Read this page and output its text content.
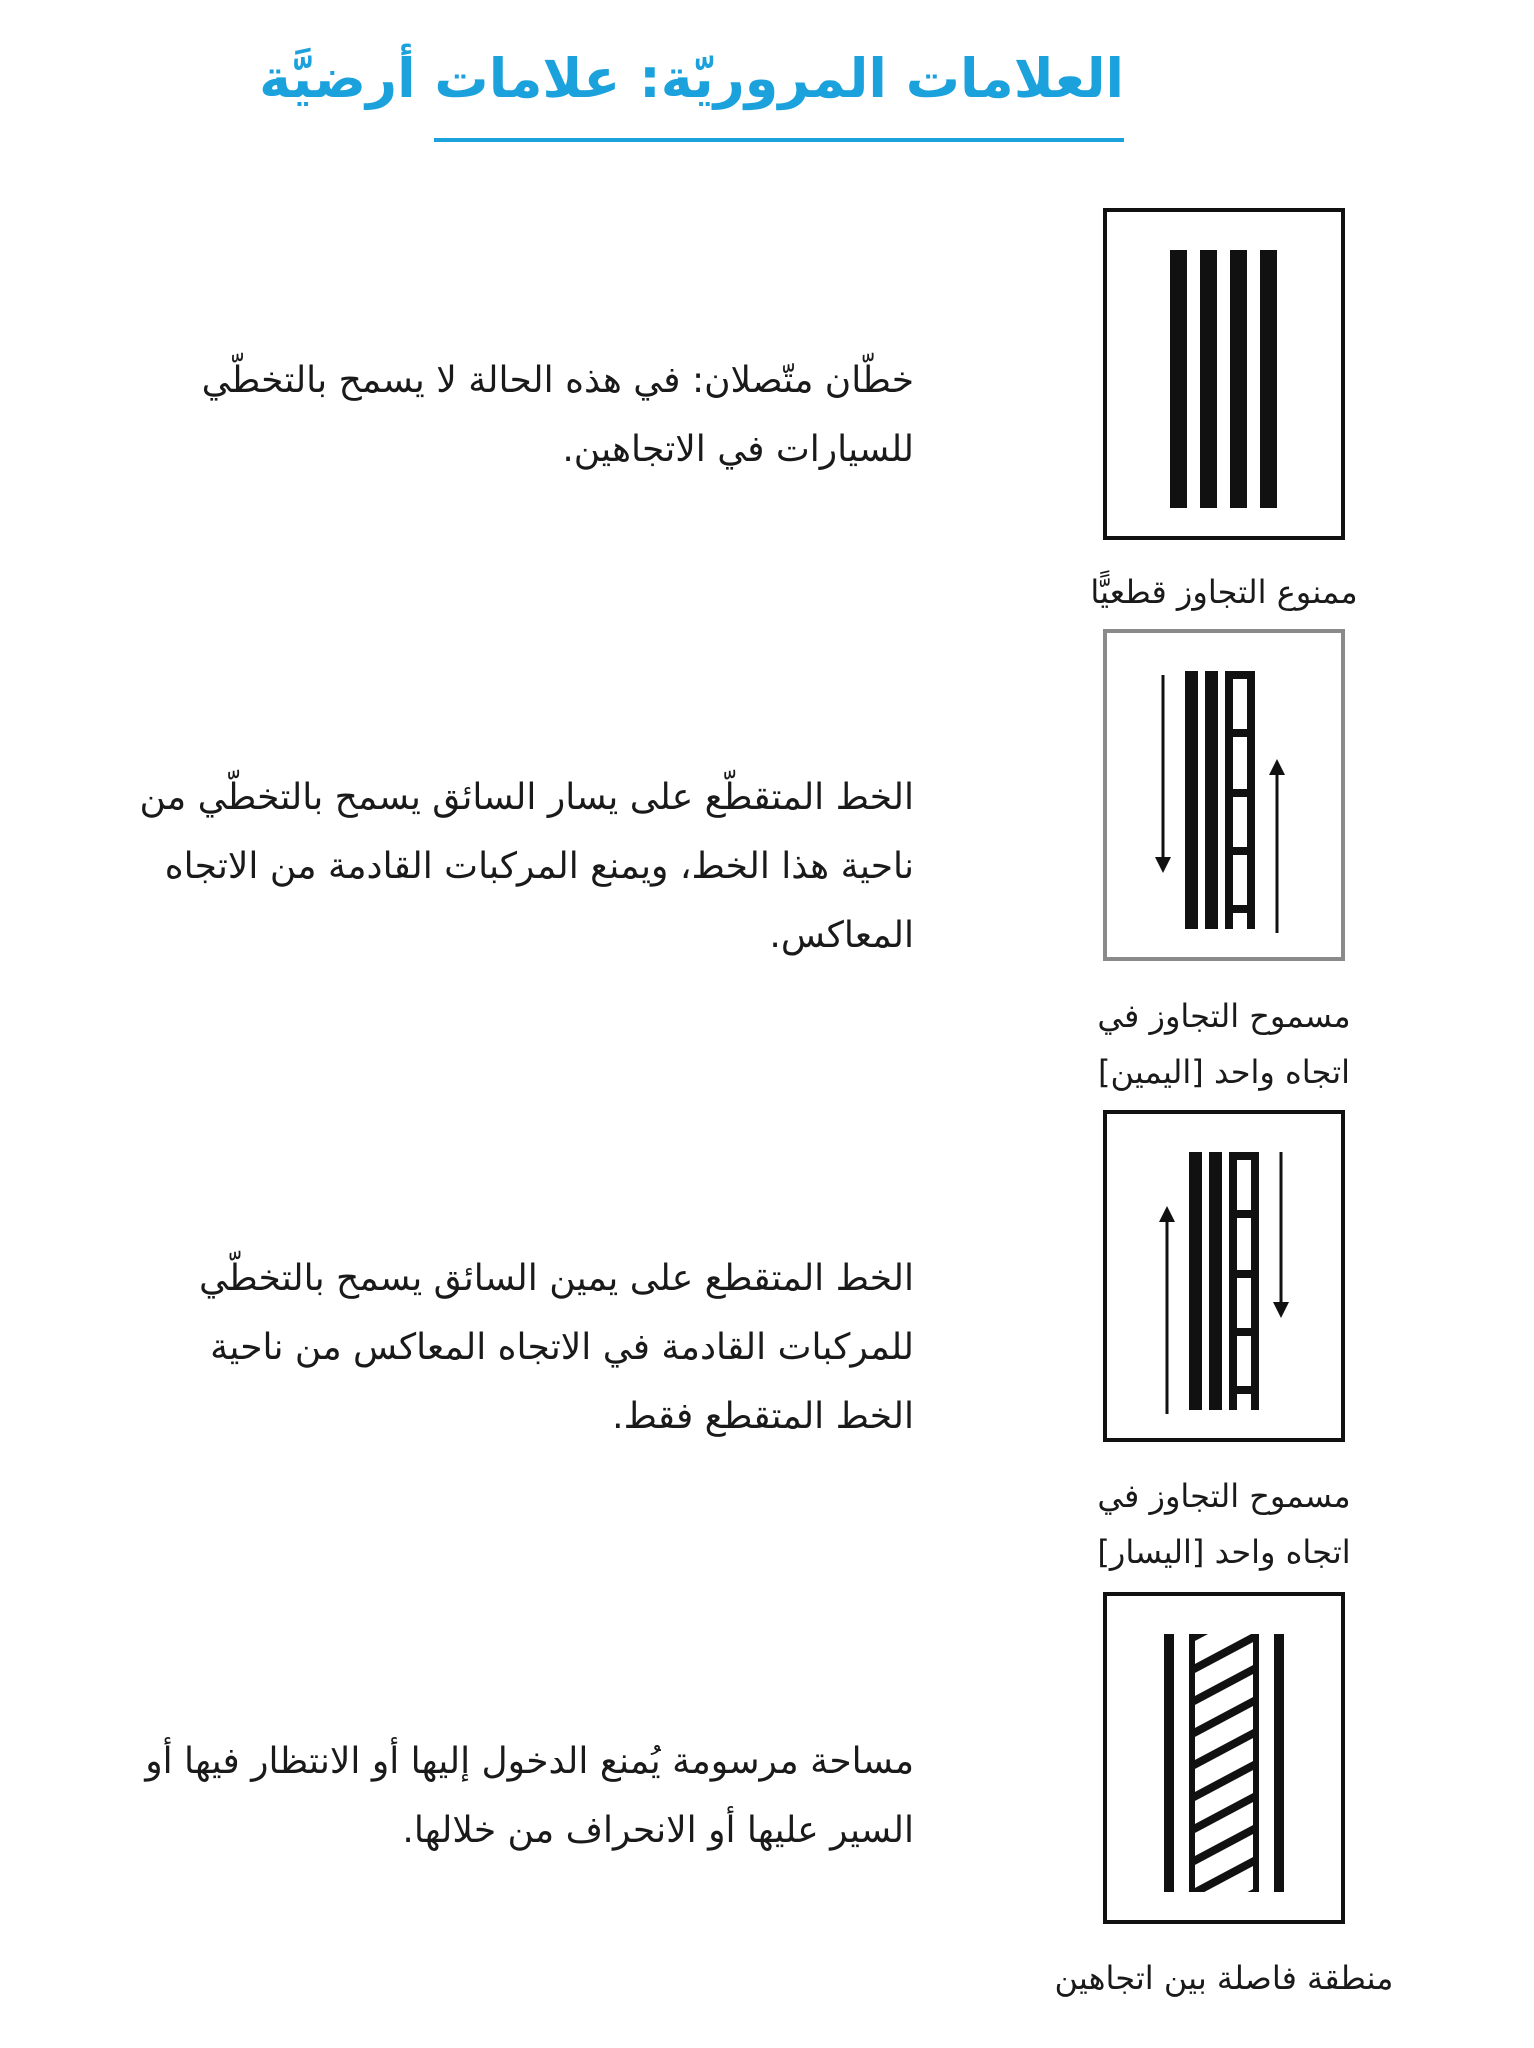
العلامات المروريّة: علامات أرضيَّة
ممنوع التجاوز قطعيًّا
خطّان متّصلان: في هذه الحالة لا يسمح بالتخطّي للسيارات في الاتجاهين.
مسموح التجاوز في
اتجاه واحد [اليمين]
الخط المتقطّع على يسار السائق يسمح بالتخطّي من ناحية هذا الخط، ويمنع المركبات القادمة من الاتجاه المعاكس.
مسموح التجاوز في
اتجاه واحد [اليسار]
الخط المتقطع على يمين السائق يسمح بالتخطّي للمركبات القادمة في الاتجاه المعاكس من ناحية الخط المتقطع فقط.
منطقة فاصلة بين اتجاهين
مساحة مرسومة يُمنع الدخول إليها أو الانتظار فيها أو السير عليها أو الانحراف من خلالها.
